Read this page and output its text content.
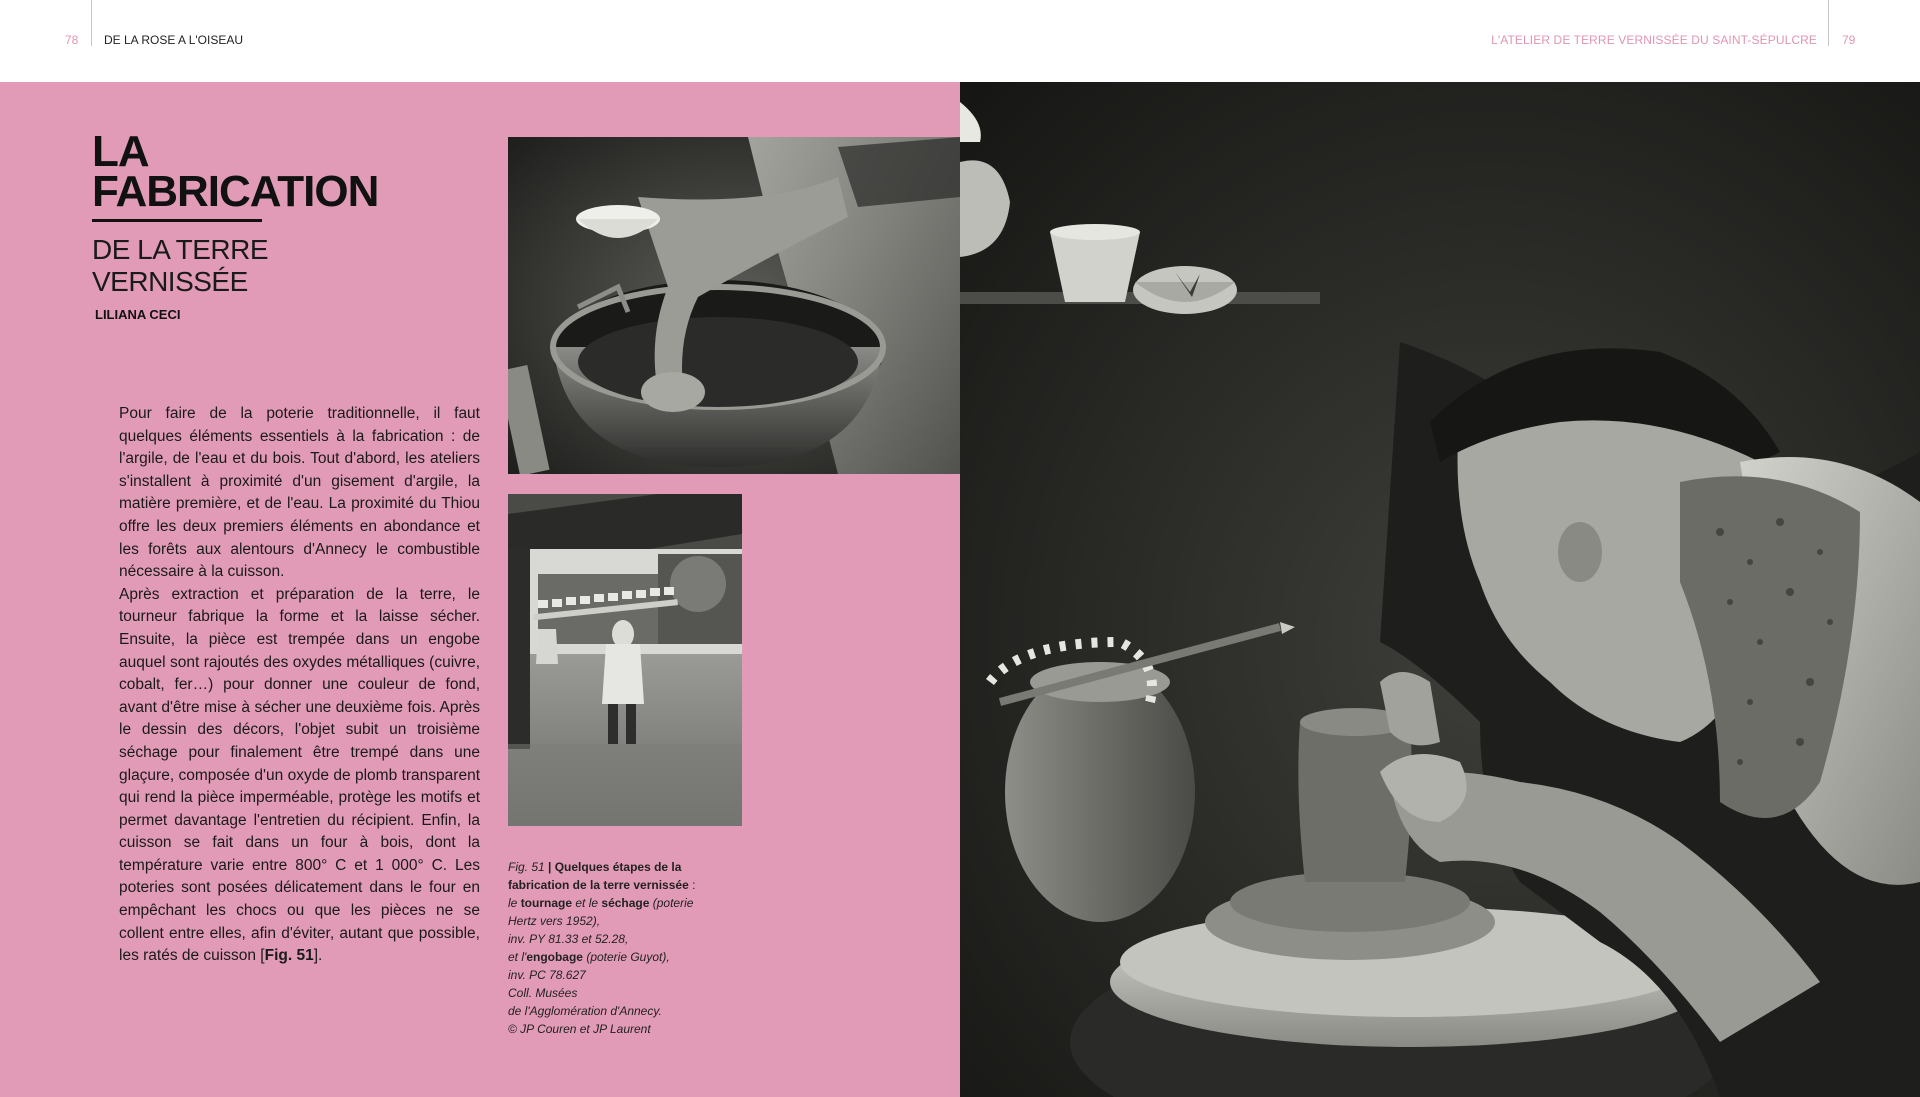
78 DE LA ROSE A L'OISEAU	L'ATELIER DE TERRE VERNISSÉE DU SAINT-SÉPULCRE 79
LA
FABRICATION
DE LA TERRE
VERNISSÉE
LILIANA CECI

Pour faire de la poterie traditionnelle, il faut quelques éléments essentiels à la fabrication : de l'argile, de l'eau et du bois. Tout d'abord, les ateliers s'installent à proximité d'un gisement d'argile, la matière première, et de l'eau. La proximité du Thiou offre les deux premiers éléments en abondance et les forêts aux alentours d'Annecy le combustible nécessaire à la cuisson.

Après extraction et préparation de la terre, le tourneur fabrique la forme et la laisse sécher. Ensuite, la pièce est trempée dans un engobe auquel sont rajoutés des oxydes métalliques (cuivre, cobalt, fer…) pour donner une couleur de fond, avant d'être mise à sécher une deuxième fois. Après le dessin des décors, l'objet subit un troisième séchage pour finalement être trempé dans une glaçure, composée d'un oxyde de plomb transparent qui rend la pièce imperméable, protège les motifs et permet davantage l'entretien du récipient. Enfin, la cuisson se fait dans un four à bois, dont la température varie entre 800° C et 1 000° C. Les poteries sont posées délicatement dans le four en empêchant les chocs ou que les pièces ne se collent entre elles, afin d'éviter, autant que possible, les ratés de cuisson [Fig. 51].

Fig. 51 | Quelques étapes de la fabrication de la terre vernissée :
le tournage et le séchage (poterie Hertz vers 1952),
inv. PY 81.33 et 52.28,
et l'engobage (poterie Guyot),
inv. PC 78.627
Coll. Musées
de l'Agglomération d'Annecy.
© JP Couren et JP Laurent
